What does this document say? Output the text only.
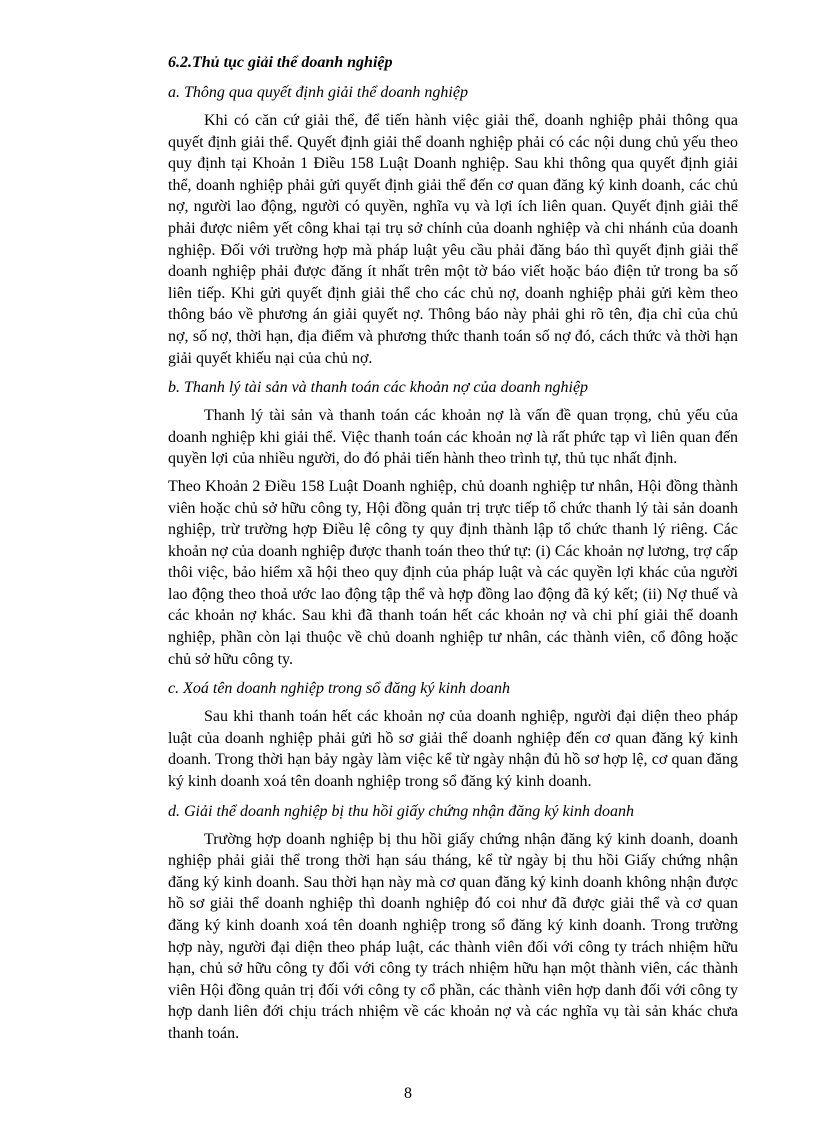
6.2.Thủ tục giải thể doanh nghiệp
a. Thông qua quyết định giải thể doanh nghiệp

Khi có căn cứ giải thể, để tiến hành việc giải thể, doanh nghiệp phải thông qua quyết định giải thể. Quyết định giải thể doanh nghiệp phải có các nội dung chủ yếu theo quy định tại Khoản 1 Điều 158 Luật Doanh nghiệp. Sau khi thông qua quyết định giải thể, doanh nghiệp phải gửi quyết định giải thể đến cơ quan đăng ký kinh doanh, các chủ nợ, người lao động, người có quyền, nghĩa vụ và lợi ích liên quan. Quyết định giải thể phải được niêm yết công khai tại trụ sở chính của doanh nghiệp và chi nhánh của doanh nghiệp. Đối với trường hợp mà pháp luật yêu cầu phải đăng báo thì quyết định giải thể doanh nghiệp phải được đăng ít nhất trên một tờ báo viết hoặc báo điện tử trong ba số liên tiếp. Khi gửi quyết định giải thể cho các chủ nợ, doanh nghiệp phải gửi kèm theo thông báo về phương án giải quyết nợ. Thông báo này phải ghi rõ tên, địa chỉ của chủ nợ, số nợ, thời hạn, địa điểm và phương thức thanh toán số nợ đó, cách thức và thời hạn giải quyết khiếu nại của chủ nợ.

b. Thanh lý tài sản và thanh toán các khoản nợ của doanh nghiệp

Thanh lý tài sản và thanh toán các khoản nợ là vấn đề quan trọng, chủ yếu của doanh nghiệp khi giải thể. Việc thanh toán các khoản nợ là rất phức tạp vì liên quan đến quyền lợi của nhiều người, do đó phải tiến hành theo trình tự, thủ tục nhất định.

Theo Khoản 2 Điều 158 Luật Doanh nghiệp, chủ doanh nghiệp tư nhân, Hội đồng thành viên hoặc chủ sở hữu công ty, Hội đồng quản trị trực tiếp tổ chức thanh lý tài sản doanh nghiệp, trừ trường hợp Điều lệ công ty quy định thành lập tổ chức thanh lý riêng. Các khoản nợ của doanh nghiệp được thanh toán theo thứ tự: (i) Các khoản nợ lương, trợ cấp thôi việc, bảo hiểm xã hội theo quy định của pháp luật và các quyền lợi khác của người lao động theo thoả ước lao động tập thể và hợp đồng lao động đã ký kết; (ii) Nợ thuế và các khoản nợ khác. Sau khi đã thanh toán hết các khoản nợ và chi phí giải thể doanh nghiệp, phần còn lại thuộc về chủ doanh nghiệp tư nhân, các thành viên, cổ đông hoặc chủ sở hữu công ty.

c. Xoá tên doanh nghiệp trong sổ đăng ký kinh doanh

Sau khi thanh toán hết các khoản nợ của doanh nghiệp, người đại diện theo pháp luật của doanh nghiệp phải gửi hồ sơ giải thể doanh nghiệp đến cơ quan đăng ký kinh doanh. Trong thời hạn bảy ngày làm việc kể từ ngày nhận đủ hồ sơ hợp lệ, cơ quan đăng ký kinh doanh xoá tên doanh nghiệp trong sổ đăng ký kinh doanh.

d. Giải thể doanh nghiệp bị thu hồi giấy chứng nhận đăng ký kinh doanh

Trường hợp doanh nghiệp bị thu hồi giấy chứng nhận đăng ký kinh doanh, doanh nghiệp phải giải thể trong thời hạn sáu tháng, kể từ ngày bị thu hồi Giấy chứng nhận đăng ký kinh doanh. Sau thời hạn này mà cơ quan đăng ký kinh doanh không nhận được hồ sơ giải thể doanh nghiệp thì doanh nghiệp đó coi như đã được giải thể và cơ quan đăng ký kinh doanh xoá tên doanh nghiệp trong sổ đăng ký kinh doanh. Trong trường hợp này, người đại diện theo pháp luật, các thành viên đối với công ty trách nhiệm hữu hạn, chủ sở hữu công ty đối với công ty trách nhiệm hữu hạn một thành viên, các thành viên Hội đồng quản trị đối với công ty cổ phần, các thành viên hợp danh đối với công ty hợp danh liên đới chịu trách nhiệm về các khoản nợ và các nghĩa vụ tài sản khác chưa thanh toán.

8
